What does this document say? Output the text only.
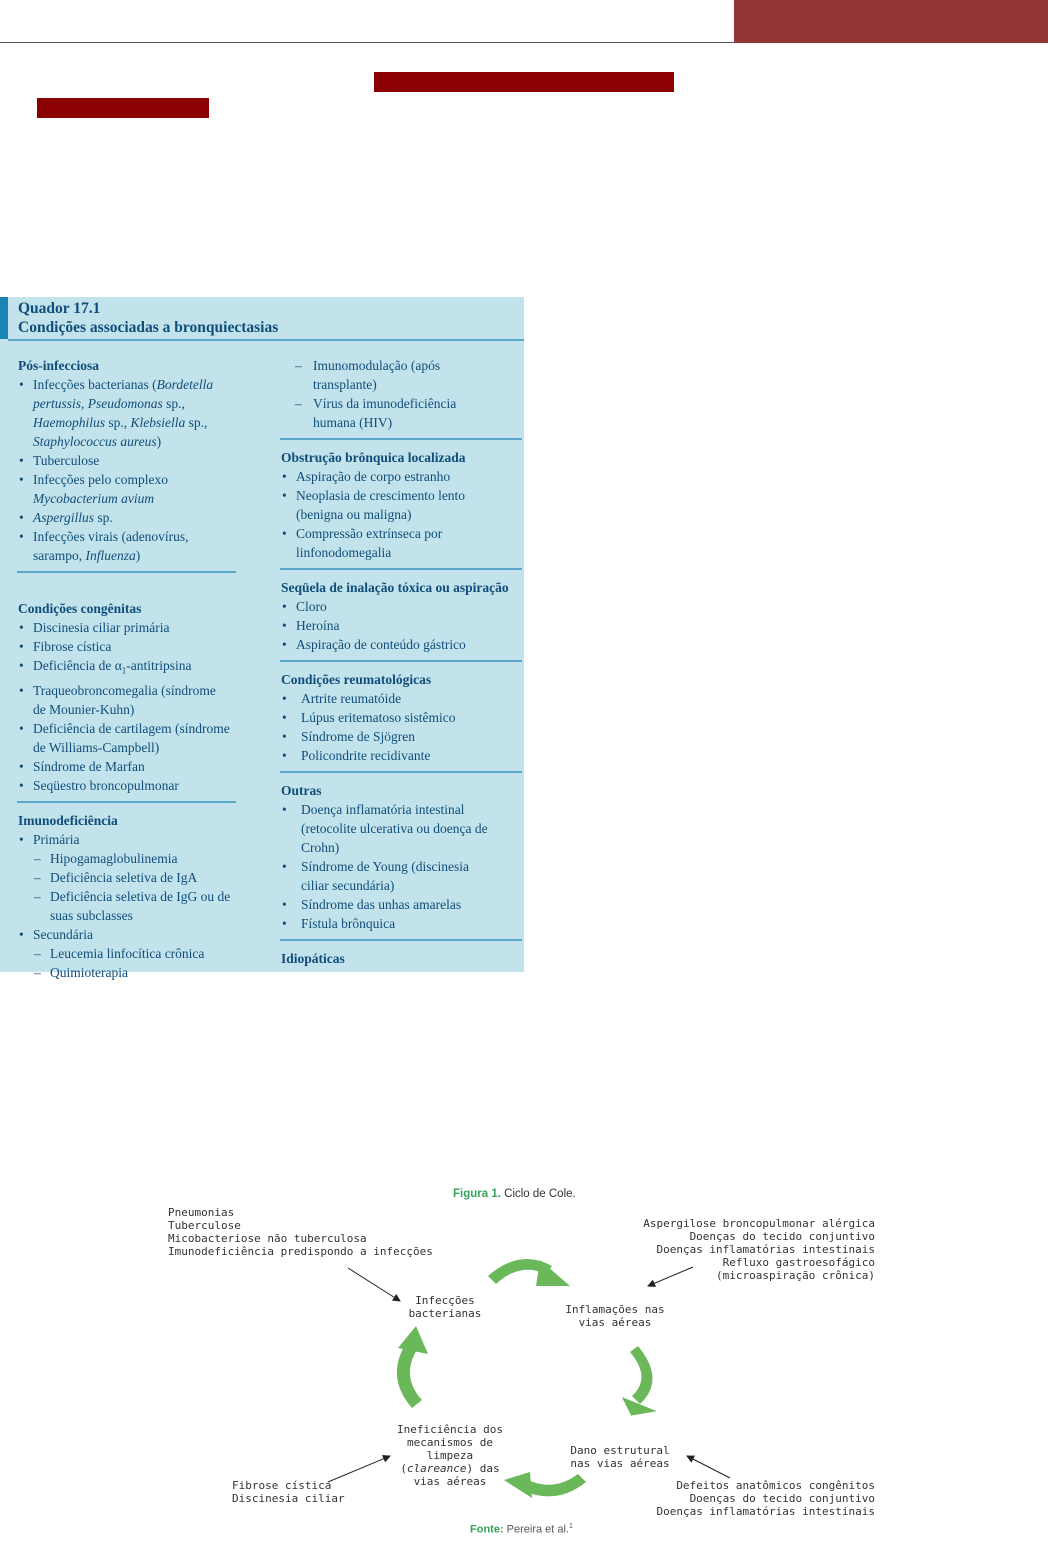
Quador 17.1
Condições associadas a bronquiectasias
Pós-infecciosa
• Infecções bacterianas (Bordetella
pertussis, Pseudomonas sp.,
Haemophilus sp., Klebsiella sp.,
Staphylococcus aureus)
• Tuberculose
• Infecções pelo complexo
Mycobacterium avium
• Aspergillus sp.
• Infecções virais (adenovírus,
sarampo, Influenza)
Condições congênitas
• Discinesia ciliar primária
• Fibrose cística
• Deficiência de $\alpha_1$-antitripsina
• Traqueobroncomegalia (síndrome
de Mounier-Kuhn)
• Deficiência de cartilagem (síndrome
de Williams-Campbell)
• Síndrome de Marfan
• Seqüestro broncopulmonar
Imunodeficiência
• Primária
– Hipogamaglobulinemia
– Deficiência seletiva de IgA
– Deficiência seletiva de IgG ou de
suas subclasses
• Secundária
– Leucemia linfocítica crônica
– Quimioterapia
– Imunomodulação (após
transplante)
– Vírus da imunodeficiência
humana (HIV)
Obstrução brônquica localizada
• Aspiração de corpo estranho
• Neoplasia de crescimento lento
(benigna ou maligna)
• Compressão extrínseca por
linfonodomegalia
Seqüela de inalação tóxica ou aspiração
• Cloro
• Heroína
• Aspiração de conteúdo gástrico
Condições reumatológicas
• Artrite reumatóide
• Lúpus eritematoso sistêmico
• Síndrome de Sjögren
• Policondrite recidivante
Outras
• Doença inflamatória intestinal
(retocolite ulcerativa ou doença de
Crohn)
• Síndrome de Young (discinesia
ciliar secundária)
• Síndrome das unhas amarelas
• Fístula brônquica
Idiopáticas
Figura 1. Ciclo de Cole.
Pneumonias
Tuberculose
Micobacteriose não tuberculosa
Imunodeficiência predispondo a infecções
Aspergilose broncopulmonar alérgica
Doenças do tecido conjuntivo
Doenças inflamatórias intestinais
Refluxo gastroesofágico
(microaspiração crônica)
Infecções
bacterianas	Inflamações nas
vias aéreas
Dano estrutural
nas vias aéreas
Ineficiência dos
mecanismos de
limpeza
(clareance) das
vias aéreas
Fibrose cística
Discinesia ciliar
Defeitos anatômicos congênitos
Doenças do tecido conjuntivo
Doenças inflamatórias intestinais
Fonte: Pereira et al.$^1$
